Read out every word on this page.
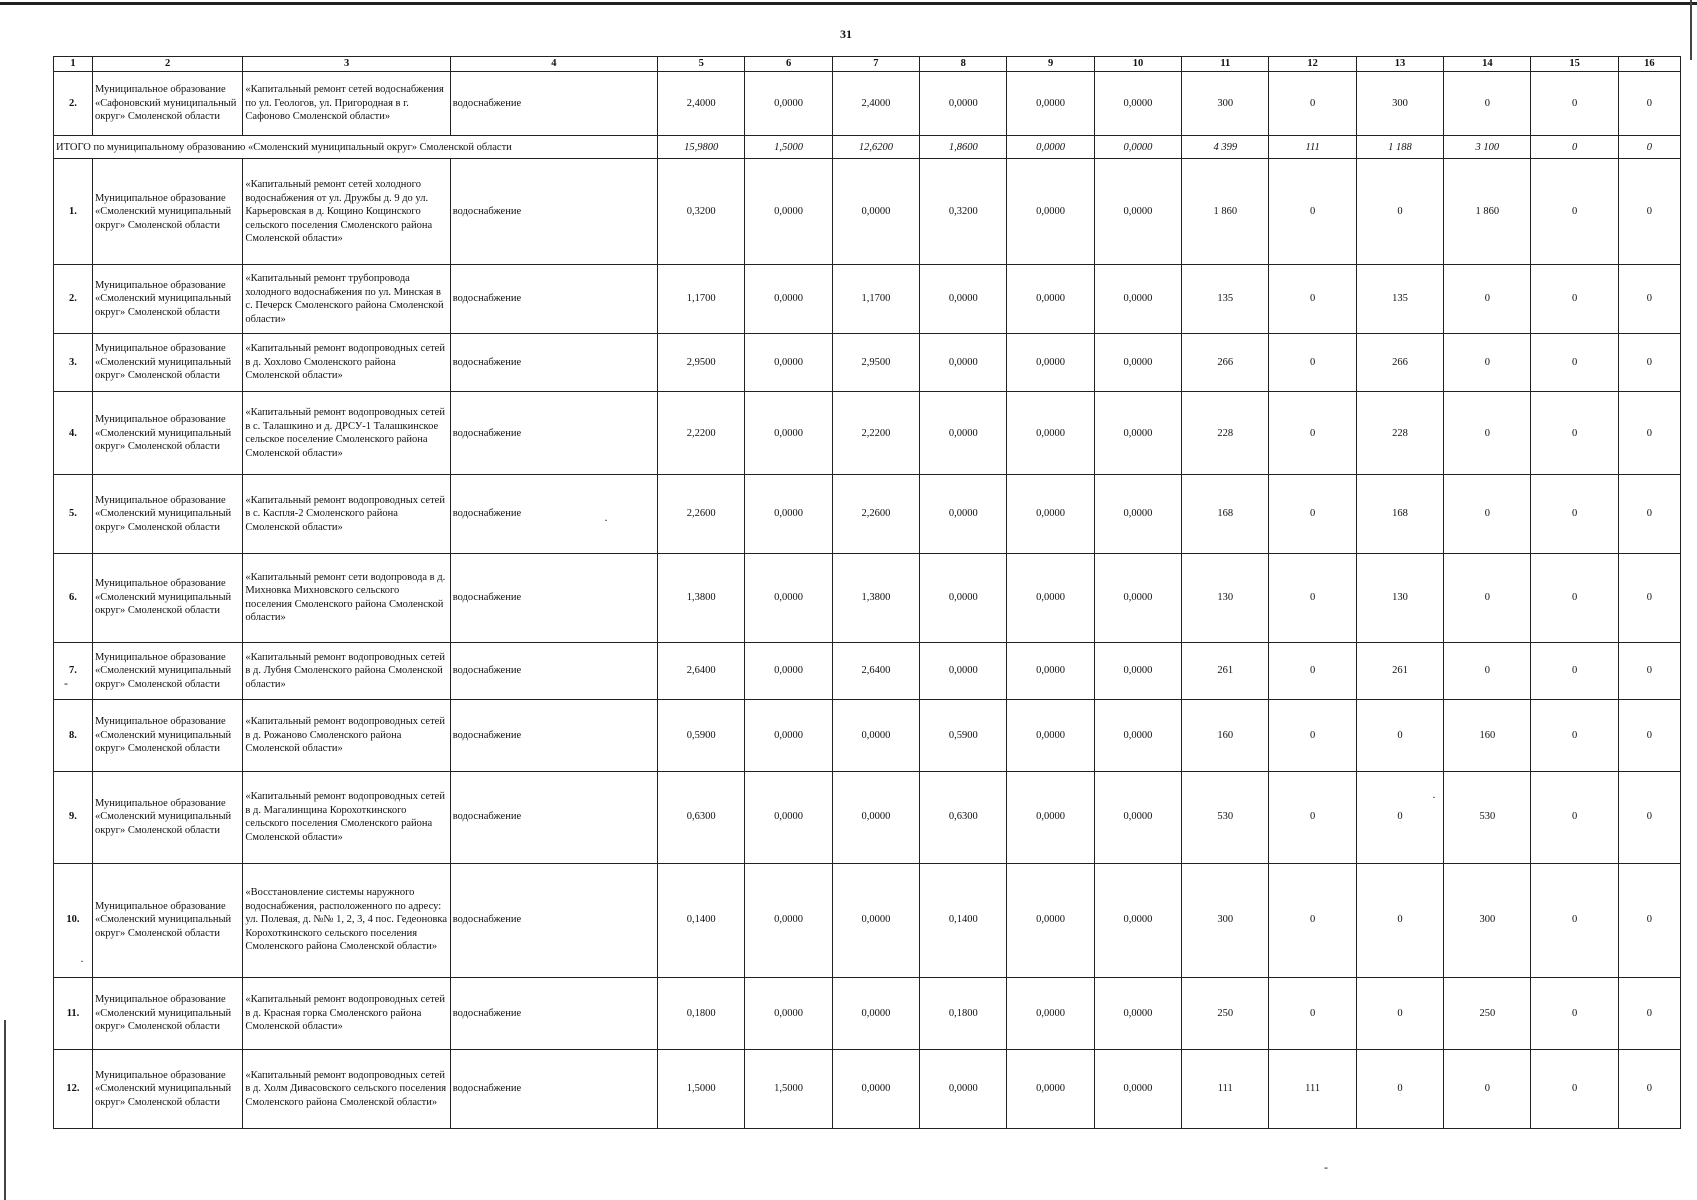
31
1	2	3	4	5	6	7	8	9	10	11	12	13	14	15	16
2.	Муниципальное образование «Сафоновский муниципальный округ» Смоленской области	«Капитальный ремонт сетей водоснабжения по ул. Геологов, ул. Пригородная в г. Сафоново Смоленской области»	водоснабжение	2,4000	0,0000	2,4000	0,0000	0,0000	0,0000	300	0	300	0	0	0
ИТОГО по муниципальному образованию «Смоленский муниципальный округ» Смоленской области				15,9800	1,5000	12,6200	1,8600	0,0000	0,0000	4 399	111	1 188	3 100	0	0
1.	Муниципальное образование «Смоленский муниципальный округ» Смоленской области	«Капитальный ремонт сетей холодного водоснабжения от ул. Дружбы д. 9 до ул. Карьеровская в д. Кощино Кощинского сельского поселения Смоленского района Смоленской области»	водоснабжение	0,3200	0,0000	0,0000	0,3200	0,0000	0,0000	1 860	0	0	1 860	0	0
2.	Муниципальное образование «Смоленский муниципальный округ» Смоленской области	«Капитальный ремонт трубопровода холодного водоснабжения по ул. Минская в с. Печерск Смоленского района Смоленской области»	водоснабжение	1,1700	0,0000	1,1700	0,0000	0,0000	0,0000	135	0	135	0	0	0
3.	Муниципальное образование «Смоленский муниципальный округ» Смоленской области	«Капитальный ремонт водопроводных сетей в д. Хохлово Смоленского района Смоленской области»	водоснабжение	2,9500	0,0000	2,9500	0,0000	0,0000	0,0000	266	0	266	0	0	0
4.	Муниципальное образование «Смоленский муниципальный округ» Смоленской области	«Капитальный ремонт водопроводных сетей в с. Талашкино и д. ДРСУ-1 Талашкинское сельское поселение Смоленского района Смоленской области»	водоснабжение	2,2200	0,0000	2,2200	0,0000	0,0000	0,0000	228	0	228	0	0	0
5.	Муниципальное образование «Смоленский муниципальный округ» Смоленской области	«Капитальный ремонт водопроводных сетей в с. Каспля-2 Смоленского района Смоленской области»	водоснабжение	2,2600	0,0000	2,2600	0,0000	0,0000	0,0000	168	0	168	0	0	0
6.	Муниципальное образование «Смоленский муниципальный округ» Смоленской области	«Капитальный ремонт сети водопровода в д. Михновка Михновского сельского поселения Смоленского района Смоленской области»	водоснабжение	1,3800	0,0000	1,3800	0,0000	0,0000	0,0000	130	0	130	0	0	0
7.	Муниципальное образование «Смоленский муниципальный округ» Смоленской области	«Капитальный ремонт водопроводных сетей в д. Лубня Смоленского района Смоленской области»	водоснабжение	2,6400	0,0000	2,6400	0,0000	0,0000	0,0000	261	0	261	0	0	0
8.	Муниципальное образование «Смоленский муниципальный округ» Смоленской области	«Капитальный ремонт водопроводных сетей в д. Рожаново Смоленского района Смоленской области»	водоснабжение	0,5900	0,0000	0,0000	0,5900	0,0000	0,0000	160	0	0	160	0	0
9.	Муниципальное образование «Смоленский муниципальный округ» Смоленской области	«Капитальный ремонт водопроводных сетей в д. Магалинщина Корохоткинского сельского поселения Смоленского района Смоленской области»	водоснабжение	0,6300	0,0000	0,0000	0,6300	0,0000	0,0000	530	0	0	530	0	0
10.	Муниципальное образование «Смоленский муниципальный округ» Смоленской области	«Восстановление системы наружного водоснабжения, расположенного по адресу: ул. Полевая, д. №№ 1, 2, 3, 4 пос. Гедеоновка Корохоткинского сельского поселения Смоленского района Смоленской области»	водоснабжение	0,1400	0,0000	0,0000	0,1400	0,0000	0,0000	300	0	0	300	0	0
11.	Муниципальное образование «Смоленский муниципальный округ» Смоленской области	«Капитальный ремонт водопроводных сетей в д. Красная горка Смоленского района Смоленской области»	водоснабжение	0,1800	0,0000	0,0000	0,1800	0,0000	0,0000	250	0	0	250	0	0
12.	Муниципальное образование «Смоленский муниципальный округ» Смоленской области	«Капитальный ремонт водопроводных сетей в д. Холм Дивасовского сельского поселения Смоленского района Смоленской области»	водоснабжение	1,5000	1,5000	0,0000	0,0000	0,0000	0,0000	111	111	0	0	0	0
·
·
-
-
·
